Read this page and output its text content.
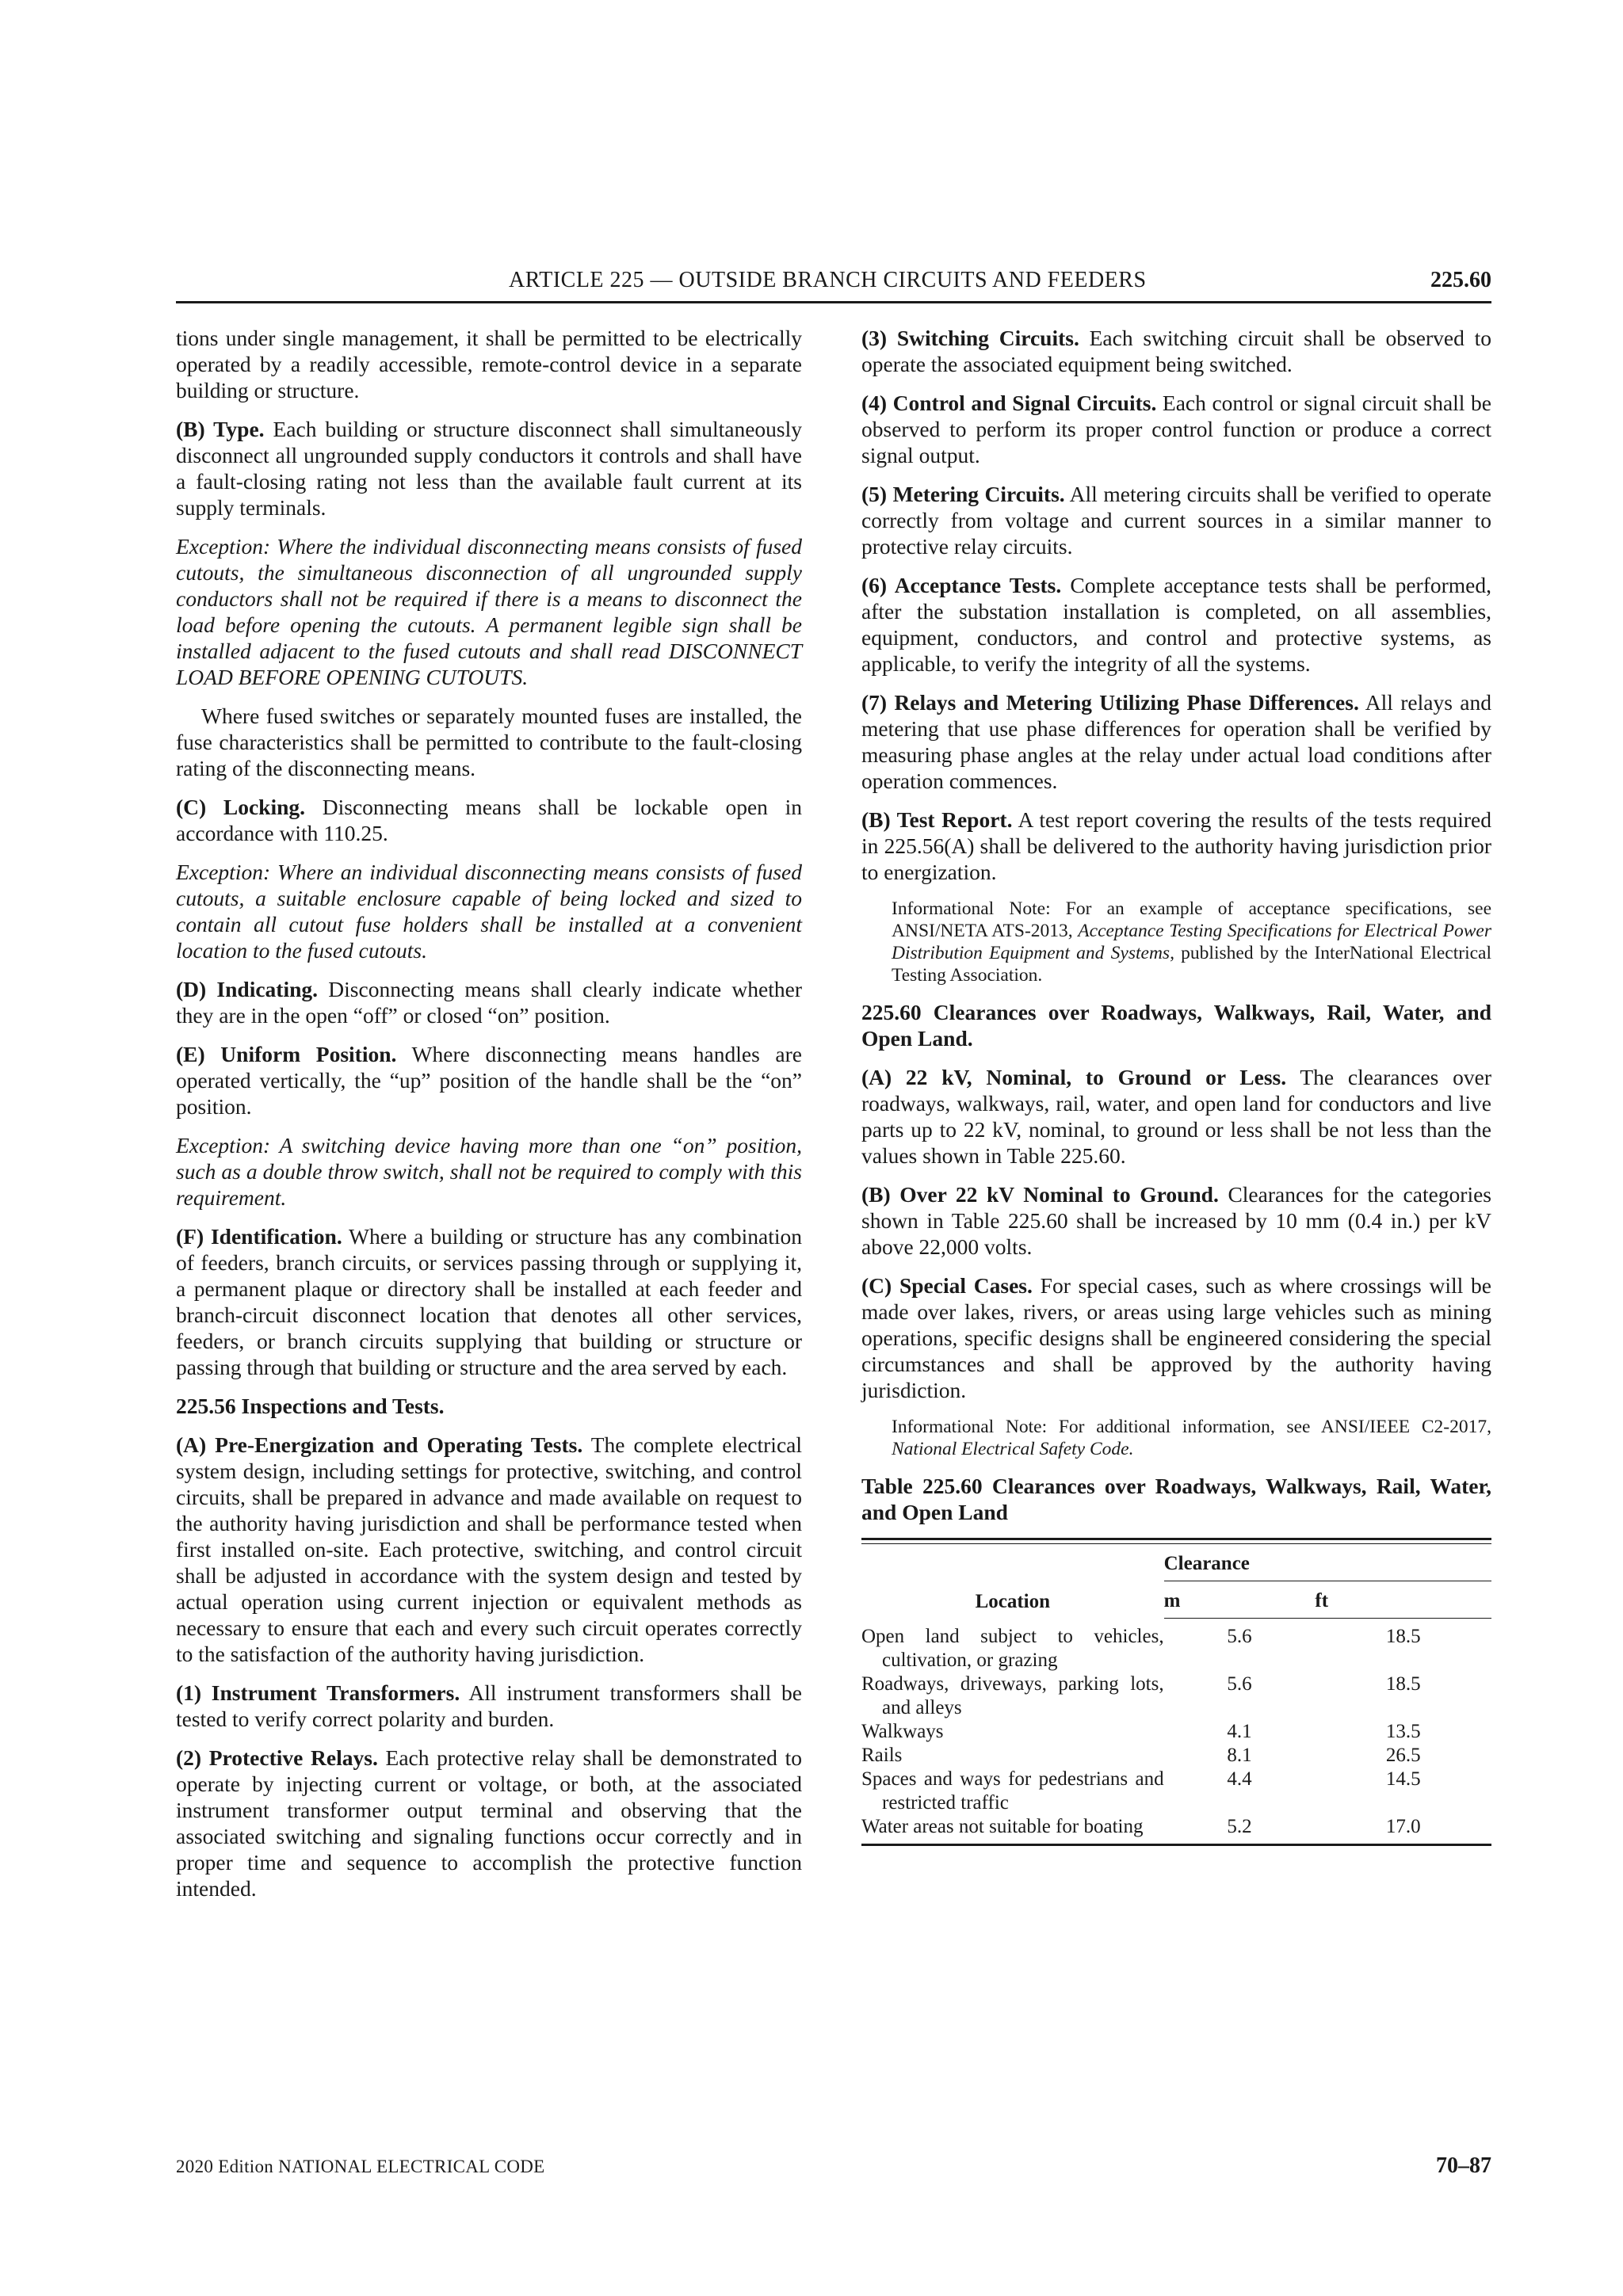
ARTICLE 225 — OUTSIDE BRANCH CIRCUITS AND FEEDERS	225.60

tions under single management, it shall be permitted to be electrically operated by a readily accessible, remote-control device in a separate building or structure.

(B) Type. Each building or structure disconnect shall simultaneously disconnect all ungrounded supply conductors it controls and shall have a fault-closing rating not less than the available fault current at its supply terminals.

Exception: Where the individual disconnecting means consists of fused cutouts, the simultaneous disconnection of all ungrounded supply conductors shall not be required if there is a means to disconnect the load before opening the cutouts. A permanent legible sign shall be installed adjacent to the fused cutouts and shall read DISCONNECT LOAD BEFORE OPENING CUTOUTS.

Where fused switches or separately mounted fuses are installed, the fuse characteristics shall be permitted to contribute to the fault-closing rating of the disconnecting means.

(C) Locking. Disconnecting means shall be lockable open in accordance with 110.25.

Exception: Where an individual disconnecting means consists of fused cutouts, a suitable enclosure capable of being locked and sized to contain all cutout fuse holders shall be installed at a convenient location to the fused cutouts.

(D) Indicating. Disconnecting means shall clearly indicate whether they are in the open “off” or closed “on” position.

(E) Uniform Position. Where disconnecting means handles are operated vertically, the “up” position of the handle shall be the “on” position.

Exception: A switching device having more than one “on” position, such as a double throw switch, shall not be required to comply with this requirement.

(F) Identification. Where a building or structure has any combination of feeders, branch circuits, or services passing through or supplying it, a permanent plaque or directory shall be installed at each feeder and branch-circuit disconnect location that denotes all other services, feeders, or branch circuits supplying that building or structure or passing through that building or structure and the area served by each.

225.56 Inspections and Tests.

(A) Pre-Energization and Operating Tests. The complete electrical system design, including settings for protective, switching, and control circuits, shall be prepared in advance and made available on request to the authority having jurisdiction and shall be performance tested when first installed on-site. Each protective, switching, and control circuit shall be adjusted in accordance with the system design and tested by actual operation using current injection or equivalent methods as necessary to ensure that each and every such circuit operates correctly to the satisfaction of the authority having jurisdiction.

(1) Instrument Transformers. All instrument transformers shall be tested to verify correct polarity and burden.

(2) Protective Relays. Each protective relay shall be demonstrated to operate by injecting current or voltage, or both, at the associated instrument transformer output terminal and observing that the associated switching and signaling functions occur correctly and in proper time and sequence to accomplish the protective function intended.

(3) Switching Circuits. Each switching circuit shall be observed to operate the associated equipment being switched.

(4) Control and Signal Circuits. Each control or signal circuit shall be observed to perform its proper control function or produce a correct signal output.

(5) Metering Circuits. All metering circuits shall be verified to operate correctly from voltage and current sources in a similar manner to protective relay circuits.

(6) Acceptance Tests. Complete acceptance tests shall be performed, after the substation installation is completed, on all assemblies, equipment, conductors, and control and protective systems, as applicable, to verify the integrity of all the systems.

(7) Relays and Metering Utilizing Phase Differences. All relays and metering that use phase differences for operation shall be verified by measuring phase angles at the relay under actual load conditions after operation commences.

(B) Test Report. A test report covering the results of the tests required in 225.56(A) shall be delivered to the authority having jurisdiction prior to energization.

Informational Note: For an example of acceptance specifications, see ANSI/NETA ATS-2013, Acceptance Testing Specifications for Electrical Power Distribution Equipment and Systems, published by the InterNational Electrical Testing Association.

225.60 Clearances over Roadways, Walkways, Rail, Water, and Open Land.

(A) 22 kV, Nominal, to Ground or Less. The clearances over roadways, walkways, rail, water, and open land for conductors and live parts up to 22 kV, nominal, to ground or less shall be not less than the values shown in Table 225.60.

(B) Over 22 kV Nominal to Ground. Clearances for the categories shown in Table 225.60 shall be increased by 10 mm (0.4 in.) per kV above 22,000 volts.

(C) Special Cases. For special cases, such as where crossings will be made over lakes, rivers, or areas using large vehicles such as mining operations, specific designs shall be engineered considering the special circumstances and shall be approved by the authority having jurisdiction.

Informational Note: For additional information, see ANSI/IEEE C2-2017, National Electrical Safety Code.

Table 225.60 Clearances over Roadways, Walkways, Rail, Water, and Open Land

Location	Clearance	
	m	ft

Open land subject to vehicles, cultivation, or grazing	5.6	18.5

Roadways, driveways, parking lots, and alleys	5.6	18.5

Walkways	4.1	13.5

Rails	8.1	26.5

Spaces and ways for pedestrians and restricted traffic	4.4	14.5

Water areas not suitable for boating	5.2	17.0
2020 Edition NATIONAL ELECTRICAL CODE	70–87
